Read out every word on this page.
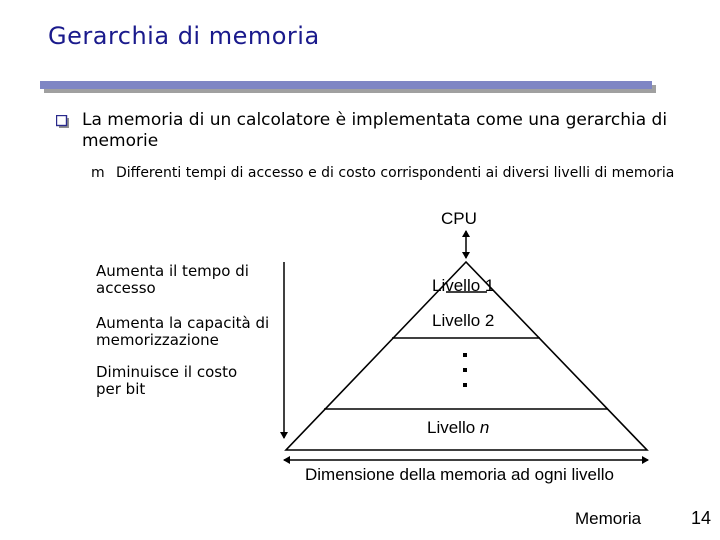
Gerarchia di memoria
La memoria di un calcolatore è implementata come una gerarchia di memorie
m Differenti tempi di accesso e di costo corrispondenti ai diversi livelli di memoria
Aumenta il tempo di accesso
Aumenta la capacità di memorizzazione
Diminuisce il costo per bit
CPU
Livello 1
Livello 2
Livello n
Dimensione della memoria ad ogni livello
Memoria	14
